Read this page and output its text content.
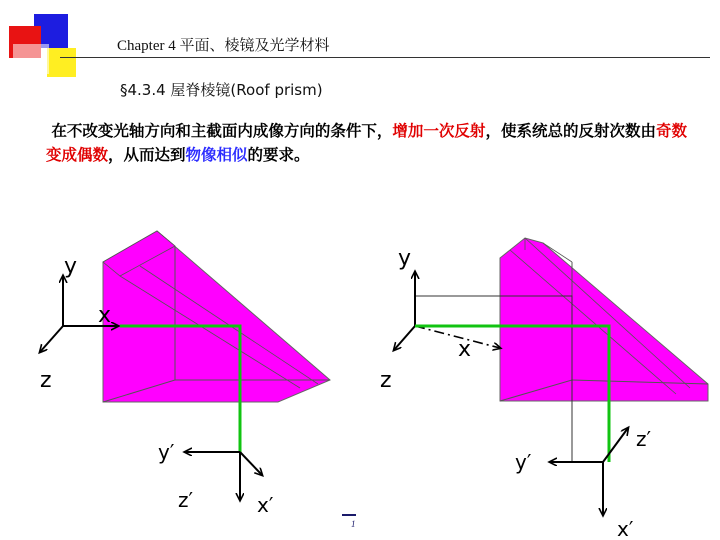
Chapter 4 平面、棱镜及光学材料
§4.3.4 屋脊棱镜(Roof prism)
在不改变光轴方向和主截面内成像方向的条件下，增加一次反射，使系统总的反射次数由奇数变成偶数，从而达到物像相似的要求。
y
x
z
y′
z′	x′
y
x
z
y′
z′
x′
1
